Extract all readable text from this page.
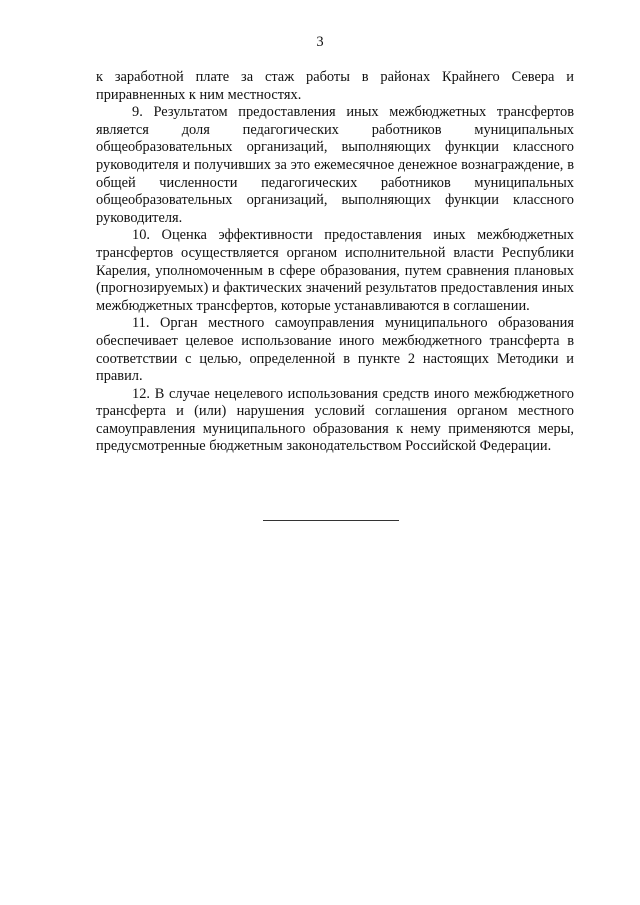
3

к заработной плате за стаж работы в районах Крайнего Севера и приравненных к ним местностях.

9. Результатом предоставления иных межбюджетных трансфертов является доля педагогических работников муниципальных общеобразовательных организаций, выполняющих функции классного руководителя и получивших за это ежемесячное денежное вознаграждение, в общей численности педагогических работников муниципальных общеобразовательных организаций, выполняющих функции классного руководителя.

10. Оценка эффективности предоставления иных межбюджетных трансфертов осуществляется органом исполнительной власти Республики Карелия, уполномоченным в сфере образования, путем сравнения плановых (прогнозируемых) и фактических значений результатов предоставления иных межбюджетных трансфертов, которые устанавливаются в соглашении.

11. Орган местного самоуправления муниципального образования обеспечивает целевое использование иного межбюджетного трансферта в соответствии с целью, определенной в пункте 2 настоящих Методики и правил.

12. В случае нецелевого использования средств иного межбюджетного трансферта и (или) нарушения условий соглашения органом местного самоуправления муниципального образования к нему применяются меры, предусмотренные бюджетным законодательством Российской Федерации.
